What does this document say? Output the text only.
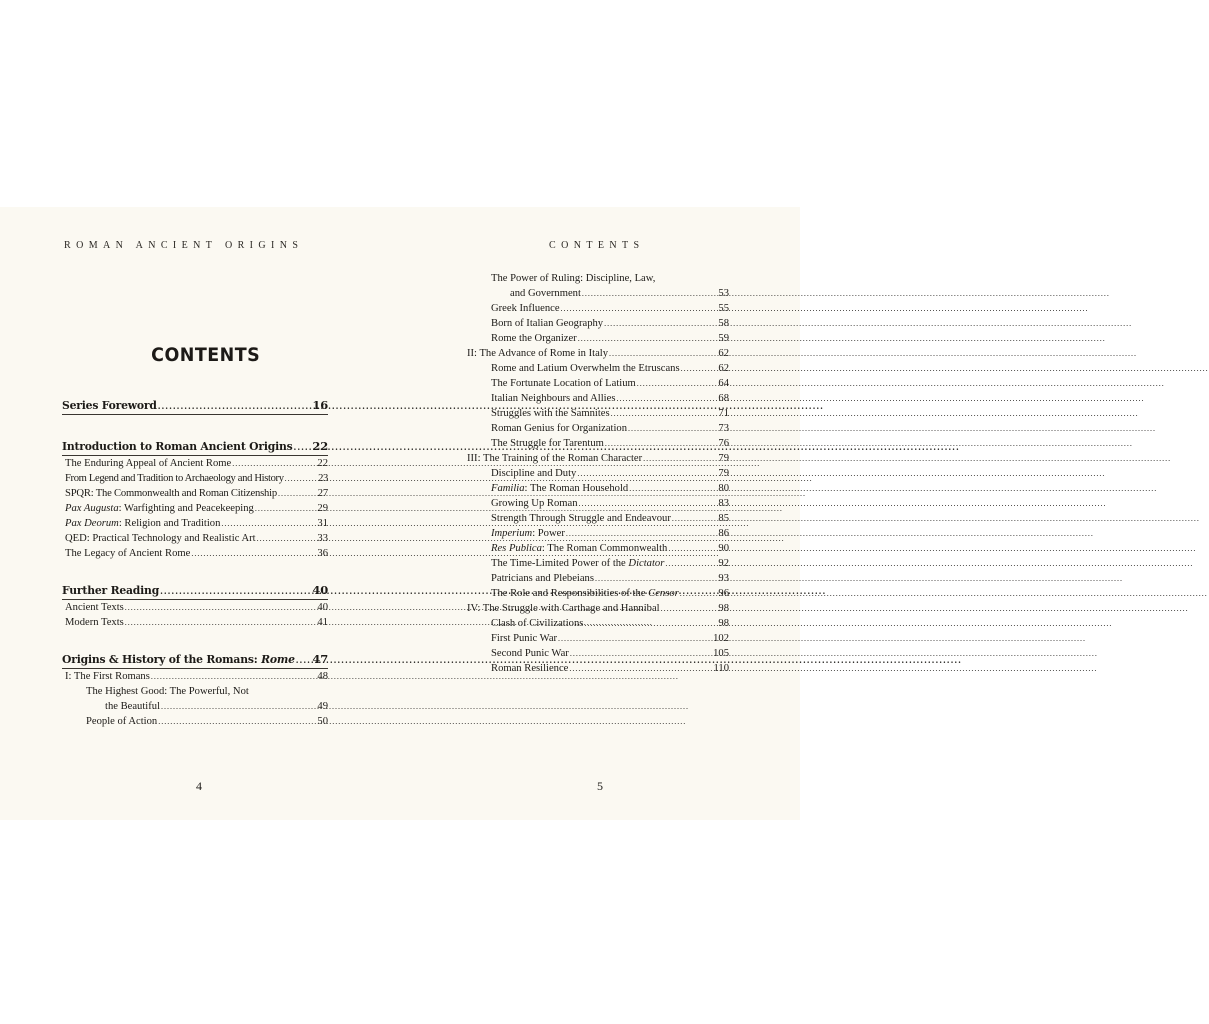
ROMAN ANCIENT ORIGINS	CONTENTS
CONTENTS
Series Foreword .....	16
Introduction to Roman Ancient Origins ..... 22
The Enduring Appeal of Ancient Rome .....	22
From Legend and Tradition to Archaeology and History .....	23
SPQR: The Commonwealth and Roman Citizenship .....	27
Pax Augusta: Warfighting and Peacekeeping .....	29
Pax Deorum: Religion and Tradition .....	31
QED: Practical Technology and Realistic Art .....	33
The Legacy of Ancient Rome .....	36
Further Reading .....	40
Ancient Texts .....	40
Modern Texts .....	41
Origins & History of the Romans: Rome ..... 47
I: The First Romans .....	48
The Highest Good: The Powerful, Not
the Beautiful .....	49
People of Action .....	50
The Power of Ruling: Discipline, Law,
and Government .....	53
Greek Influence .....	55
Born of Italian Geography .....	58
Rome the Organizer .....	59
II: The Advance of Rome in Italy .....	62
Rome and Latium Overwhelm the Etruscans .....	62
The Fortunate Location of Latium .....	64
Italian Neighbours and Allies .....	68
Struggles with the Samnites .....	71
Roman Genius for Organization .....	73
The Struggle for Tarentum .....	76
III: The Training of the Roman Character .....	79
Discipline and Duty .....	79
Familia: The Roman Household .....	80
Growing Up Roman .....	83
Strength Through Struggle and Endeavour .....	85
Imperium: Power .....	86
Res Publica: The Roman Commonwealth .....	90
The Time-Limited Power of the Dictator .....	92
Patricians and Plebeians .....	93
The Role and Responsibilities of the Censor .....	96
IV: The Struggle with Carthage and Hannibal .....	98
Clash of Civilizations .....	98
First Punic War .....	102
Second Punic War .....	105
Roman Resilience .....	110
4	5
